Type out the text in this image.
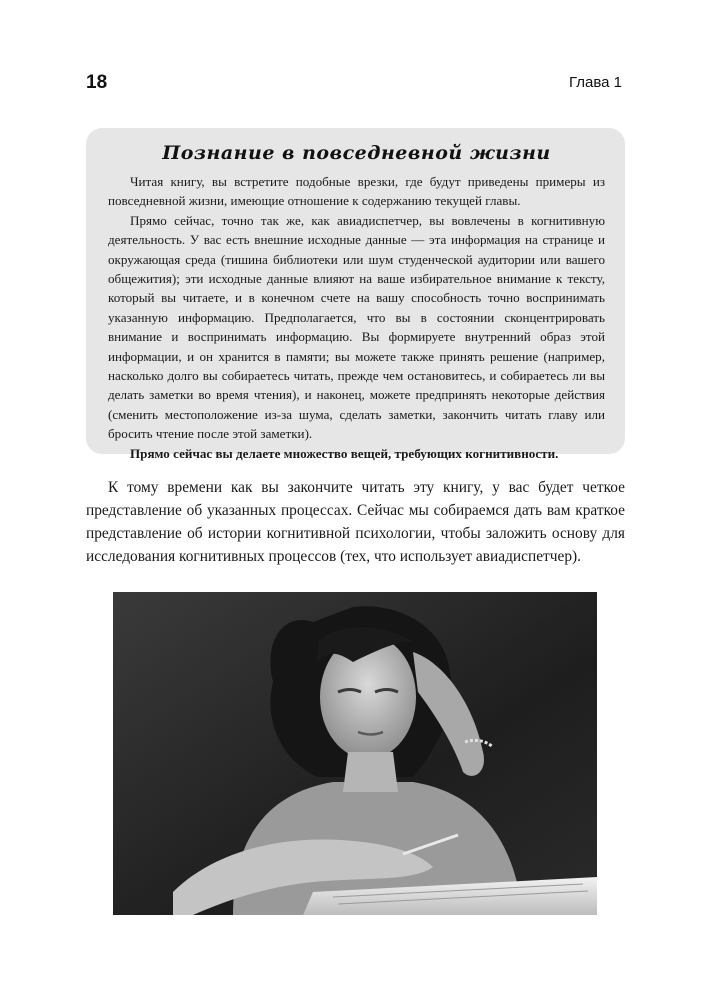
18	Глава 1
Познание в повседневной жизни

Читая книгу, вы встретите подобные врезки, где будут приведены примеры из повседневной жизни, имеющие отношение к содержанию текущей главы.

Прямо сейчас, точно так же, как авиадиспетчер, вы вовлечены в когнитивную деятельность. У вас есть внешние исходные данные — эта информация на странице и окружающая среда (тишина библиотеки или шум студенческой аудитории или вашего общежития); эти исходные данные влияют на ваше избирательное внимание к тексту, который вы читаете, и в конечном счете на вашу способность точно воспринимать указанную информацию. Предполагается, что вы в состоянии сконцентрировать внимание и воспринимать информацию. Вы формируете внутренний образ этой информации, и он хранится в памяти; вы можете также принять решение (например, насколько долго вы собираетесь читать, прежде чем остановитесь, и собираетесь ли вы делать заметки во время чтения), и наконец, можете предпринять некоторые действия (сменить местоположение из-за шума, сделать заметки, закончить читать главу или бросить чтение после этой заметки).

Прямо сейчас вы делаете множество вещей, требующих когнитивности.

К тому времени как вы закончите читать эту книгу, у вас будет четкое представление об указанных процессах. Сейчас мы собираемся дать вам краткое представление об истории когнитивной психологии, чтобы заложить основу для исследования когнитивных процессов (тех, что использует авиадиспетчер).
